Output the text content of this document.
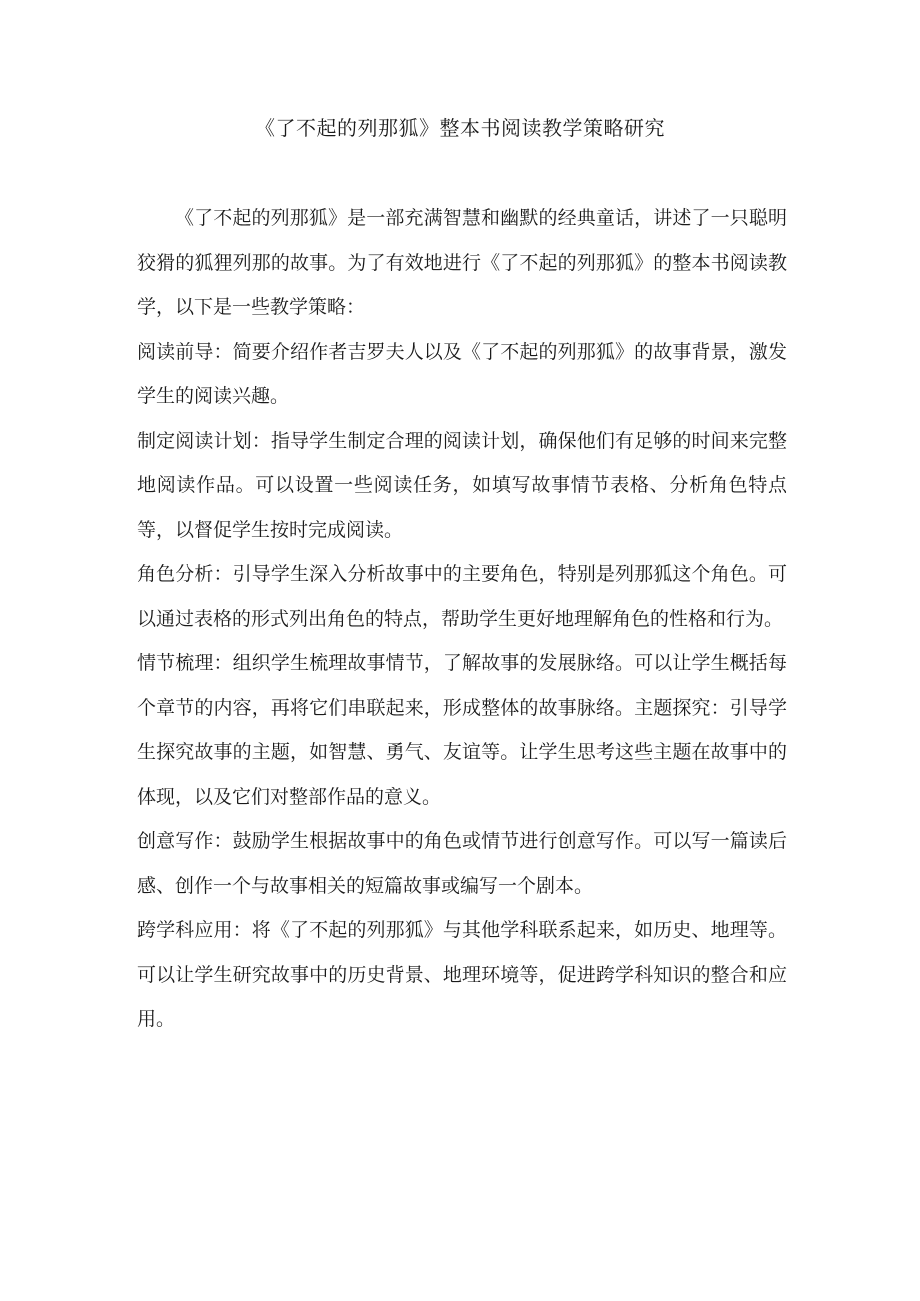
《了不起的列那狐》整本书阅读教学策略研究

《了不起的列那狐》是一部充满智慧和幽默的经典童话，讲述了一只聪明狡猾的狐狸列那的故事。为了有效地进行《了不起的列那狐》的整本书阅读教学，以下是一些教学策略：

阅读前导：简要介绍作者吉罗夫人以及《了不起的列那狐》的故事背景，激发学生的阅读兴趣。

制定阅读计划：指导学生制定合理的阅读计划，确保他们有足够的时间来完整地阅读作品。可以设置一些阅读任务，如填写故事情节表格、分析角色特点等，以督促学生按时完成阅读。

角色分析：引导学生深入分析故事中的主要角色，特别是列那狐这个角色。可以通过表格的形式列出角色的特点，帮助学生更好地理解角色的性格和行为。

情节梳理：组织学生梳理故事情节，了解故事的发展脉络。可以让学生概括每个章节的内容，再将它们串联起来，形成整体的故事脉络。主题探究：引导学生探究故事的主题，如智慧、勇气、友谊等。让学生思考这些主题在故事中的体现，以及它们对整部作品的意义。

创意写作：鼓励学生根据故事中的角色或情节进行创意写作。可以写一篇读后感、创作一个与故事相关的短篇故事或编写一个剧本。

跨学科应用：将《了不起的列那狐》与其他学科联系起来，如历史、地理等。可以让学生研究故事中的历史背景、地理环境等，促进跨学科知识的整合和应用。
